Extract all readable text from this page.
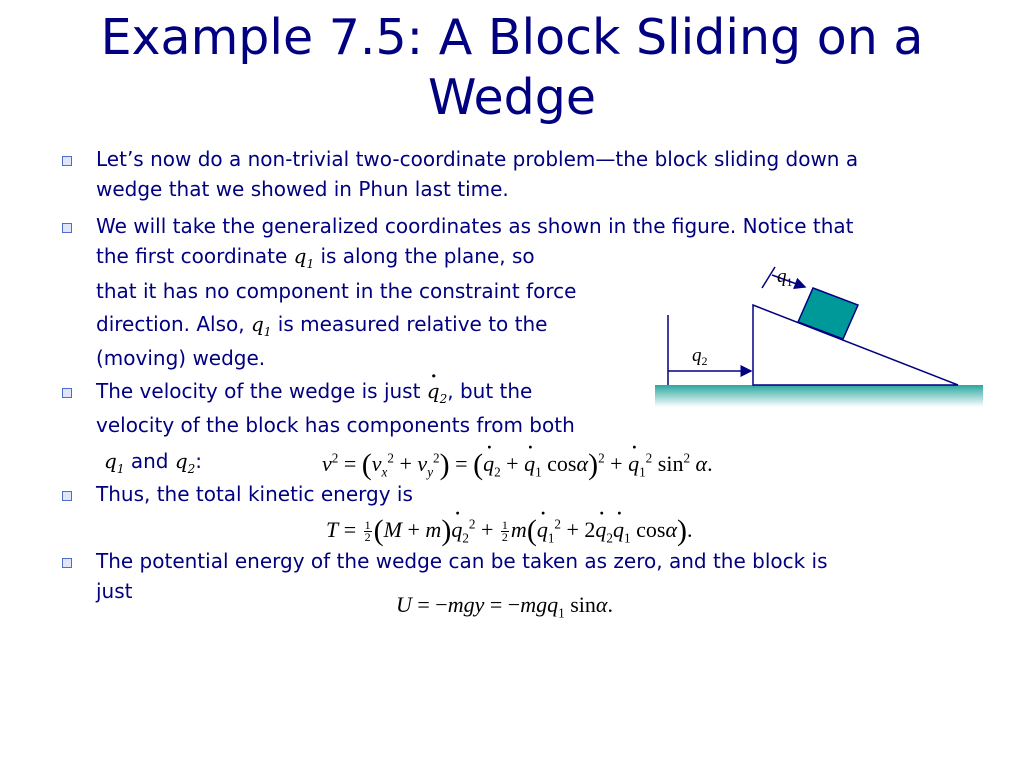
Example 7.5: A Block Sliding on a Wedge
Let’s now do a non-trivial two-coordinate problem—the block sliding down a
wedge that we showed in Phun last time.
We will take the generalized coordinates as shown in the figure. Notice that
the first coordinate $q_1$ is along the plane, so
that it has no component in the constraint force
direction. Also, $q_1$ is measured relative to the
(moving) wedge.
The velocity of the wedge is just · $q_2$, but the
velocity of the block has components from both
$q_1$ and $q_2$:	$v^2 = (v_x^2 + v_y^2)$ = (· $q_2$ + · $q_1$ cosα)$^2$ + · $q_1^2$ $\sin^2 \alpha$.
Thus, the total kinetic energy is
$T = \frac{1}{2} (M + m)\cdot q_2^2 + \frac{1}{2} m(\cdot q_1^2 + 2\cdot q_2\cdot q_1$ cosα).
The potential energy of the wedge can be taken as zero, and the block is
just
U = −mgy = −mgq$_1$ sinα.
$q_1$
$q_2$
